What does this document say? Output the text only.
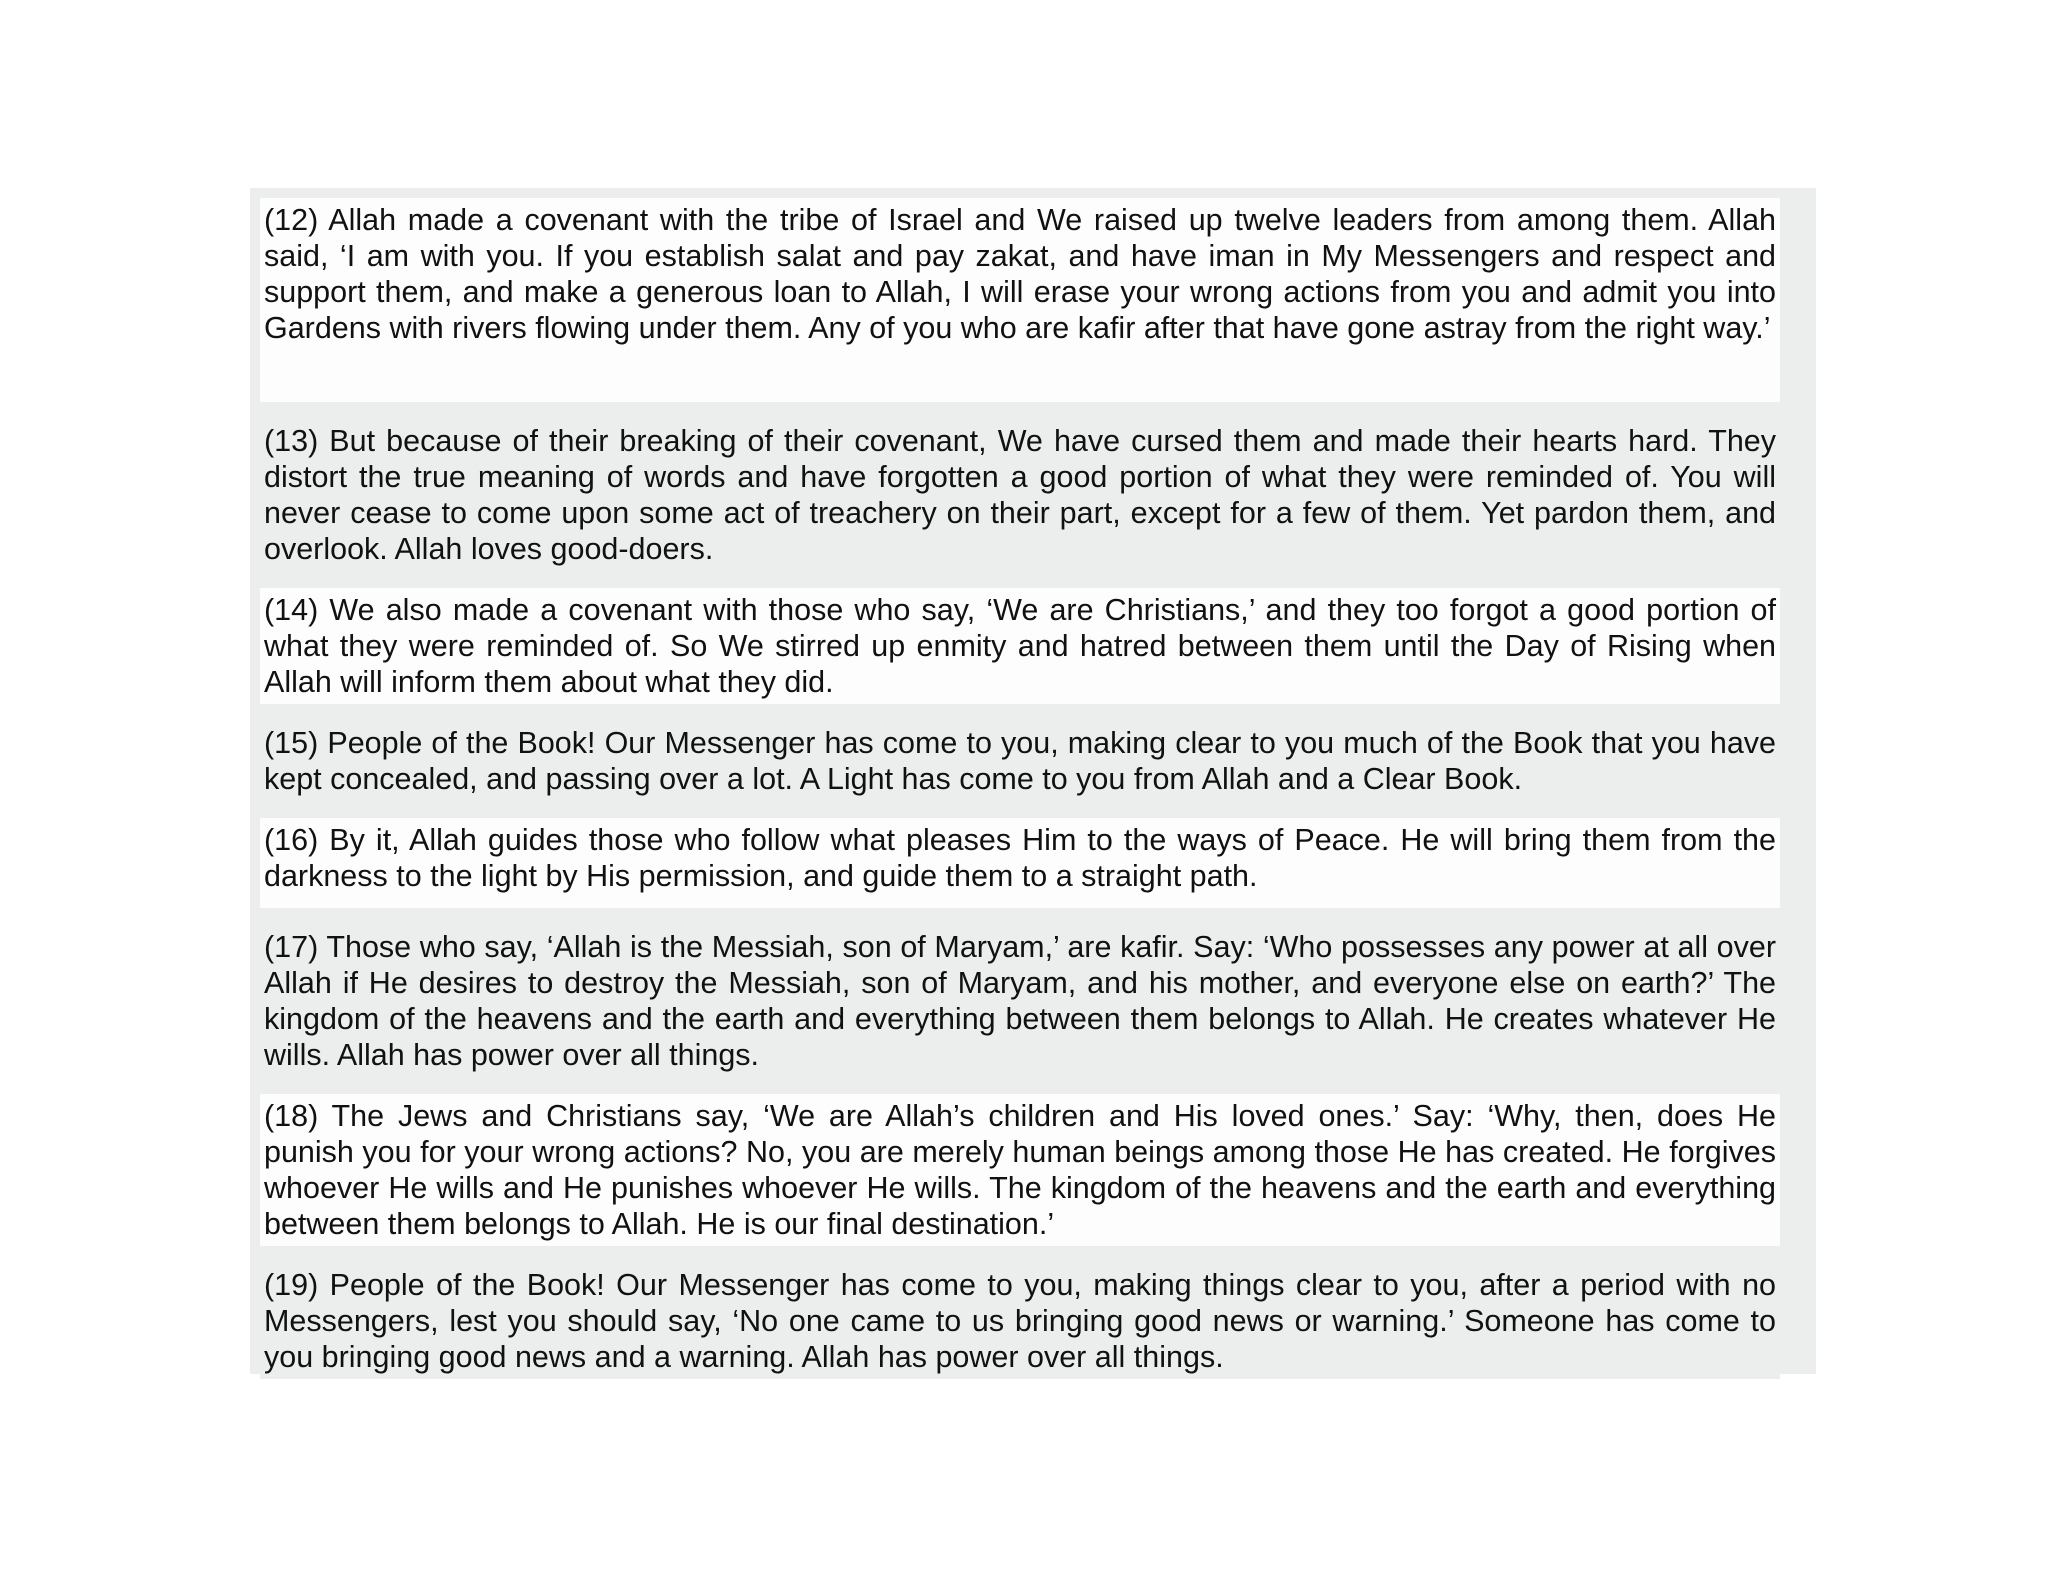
(12) Allah made a covenant with the tribe of Israel and We raised up twelve leaders from among them. Allah said, ‘I am with you. If you establish salat and pay zakat, and have iman in My Messengers and respect and support them, and make a generous loan to Allah, I will erase your wrong actions from you and admit you into Gardens with rivers flowing under them. Any of you who are kafir after that have gone astray from the right way.’
(13) But because of their breaking of their covenant, We have cursed them and made their hearts hard. They distort the true meaning of words and have forgotten a good portion of what they were reminded of. You will never cease to come upon some act of treachery on their part, except for a few of them. Yet pardon them, and overlook. Allah loves good-doers.
(14) We also made a covenant with those who say, ‘We are Christians,’ and they too forgot a good portion of what they were reminded of. So We stirred up enmity and hatred between them until the Day of Rising when Allah will inform them about what they did.
(15) People of the Book! Our Messenger has come to you, making clear to you much of the Book that you have kept concealed, and passing over a lot. A Light has come to you from Allah and a Clear Book.
(16) By it, Allah guides those who follow what pleases Him to the ways of Peace. He will bring them from the darkness to the light by His permission, and guide them to a straight path.
(17) Those who say, ‘Allah is the Messiah, son of Maryam,’ are kafir. Say: ‘Who possesses any power at all over Allah if He desires to destroy the Messiah, son of Maryam, and his mother, and everyone else on earth?’ The kingdom of the heavens and the earth and everything between them belongs to Allah. He creates whatever He wills. Allah has power over all things.
(18) The Jews and Christians say, ‘We are Allah’s children and His loved ones.’ Say: ‘Why, then, does He punish you for your wrong actions? No, you are merely human beings among those He has created. He forgives whoever He wills and He punishes whoever He wills. The kingdom of the heavens and the earth and everything between them belongs to Allah. He is our final destination.’
(19) People of the Book! Our Messenger has come to you, making things clear to you, after a period with no Messengers, lest you should say, ‘No one came to us bringing good news or warning.’ Someone has come to you bringing good news and a warning. Allah has power over all things.
